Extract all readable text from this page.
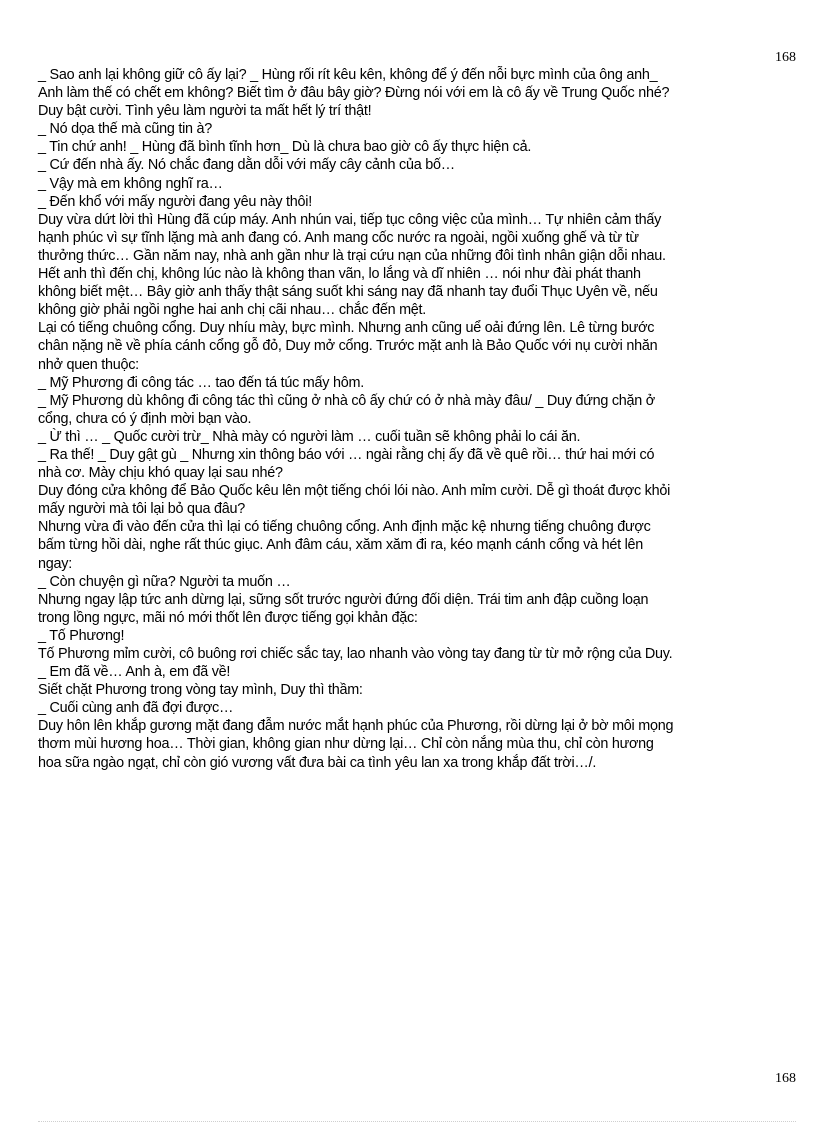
168
_ Sao anh lại không giữ cô ấy lại? _ Hùng rối rít kêu kên, không để ý đến nỗi bực mình của ông anh_
Anh làm thế có chết em không? Biết tìm ở đâu bây giờ? Đừng nói với em là cô ấy về Trung Quốc nhé?
Duy bật cười. Tình yêu làm người ta mất hết lý trí thật!
_ Nó dọa thế mà cũng tin à?
_ Tin chứ anh! _ Hùng đã bình tĩnh hơn_ Dù là chưa bao giờ cô ấy thực hiện cả.
_ Cứ đến nhà ấy. Nó chắc đang dằn dỗi với mấy cây cảnh của bố…
_ Vậy mà em không nghĩ ra…
_ Đến khổ với mấy người đang yêu này thôi!
Duy vừa dứt lời thì Hùng đã cúp máy. Anh nhún vai, tiếp tục công việc của mình… Tự nhiên cảm thấy
hạnh phúc vì sự tĩnh lặng mà anh đang có. Anh mang cốc nước ra ngoài, ngồi xuống ghế và từ từ
thưởng thức… Gần năm nay, nhà anh gần như là trại cứu nạn của những đôi tình nhân giận dỗi nhau.
Hết anh thì đến chị, không lúc nào là không than vãn, lo lắng và dĩ nhiên … nói như đài phát thanh
không biết mệt… Bây giờ anh thấy thật sáng suốt khi sáng nay đã nhanh tay đuổi Thục Uyên về, nếu
không giờ phải ngồi nghe hai anh chị cãi nhau… chắc đến mệt.
Lại có tiếng chuông cổng. Duy nhíu mày, bực mình. Nhưng anh cũng uể oải đứng lên. Lê từng bước
chân nặng nề về phía cánh cổng gỗ đỏ, Duy mở cổng. Trước mặt anh là Bảo Quốc với nụ cười nhăn
nhở quen thuộc:
_ Mỹ Phương đi công tác … tao đến tá túc mấy hôm.
_ Mỹ Phương dù không đi công tác thì cũng ở nhà cô ấy chứ có ở nhà mày đâu/ _ Duy đứng chặn ở
cổng, chưa có ý định mời bạn vào.
_ Ừ thì … _ Quốc cười trừ_ Nhà mày có người làm … cuối tuần sẽ không phải lo cái ăn.
_ Ra thế! _ Duy gật gù _ Nhưng xin thông báo với … ngài rằng chị ấy đã về quê rồi… thứ hai mới có
nhà cơ. Mày chịu khó quay lại sau nhé?
Duy đóng cửa không để Bảo Quốc kêu lên một tiếng chói lói nào. Anh mỉm cười. Dễ gì thoát được khỏi
mấy người mà tôi lại bỏ qua đâu?
Nhưng vừa đi vào đến cửa thì lại có tiếng chuông cổng. Anh định mặc kệ nhưng tiếng chuông được
bấm từng hồi dài, nghe rất thúc giục. Anh đâm cáu, xăm xăm đi ra, kéo mạnh cánh cổng và hét lên
ngay:
_ Còn chuyện gì nữa? Người ta muốn …
Nhưng ngay lập tức anh dừng lại, sững sốt trước người đứng đối diện. Trái tim anh đập cuồng loạn
trong lồng ngực, mãi nó mới thốt lên được tiếng gọi khản đặc:
_ Tố Phương!
Tố Phương mỉm cười, cô buông rơi chiếc sắc tay, lao nhanh vào vòng tay đang từ từ mở rộng của Duy.
_ Em đã về… Anh à, em đã về!
Siết chặt Phương trong vòng tay mình, Duy thì thầm:
_ Cuối cùng anh đã đợi được…
Duy hôn lên khắp gương mặt đang đẫm nước mắt hạnh phúc của Phương, rồi dừng lại ở bờ môi mọng
thơm mùi hương hoa… Thời gian, không gian như dừng lại… Chỉ còn nắng mùa thu, chỉ còn hương
hoa sữa ngào ngạt, chỉ còn gió vương vất đưa bài ca tình yêu lan xa trong khắp đất trời…/.
168
